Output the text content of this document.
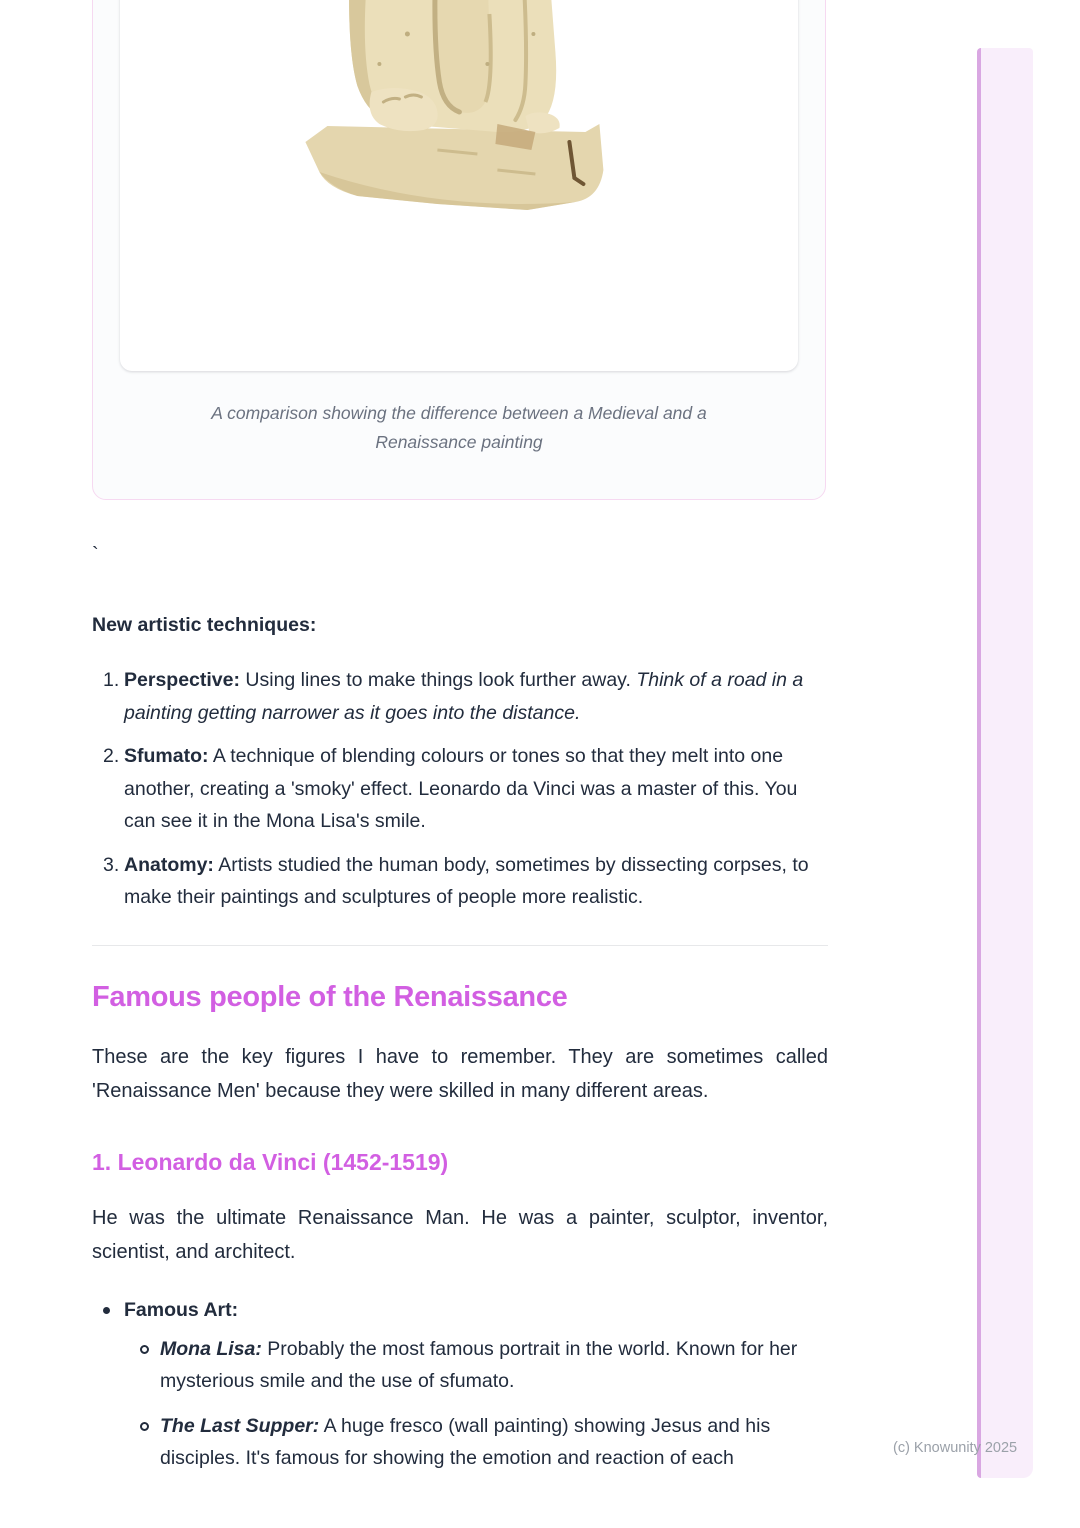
A comparison showing the difference between a Medieval and a
Renaissance painting
`
New artistic techniques:
1. Perspective: Using lines to make things look further away. Think of a road in a painting getting narrower as it goes into the distance.
2. Sfumato: A technique of blending colours or tones so that they melt into one another, creating a 'smoky' effect. Leonardo da Vinci was a master of this. You can see it in the Mona Lisa's smile.
3. Anatomy: Artists studied the human body, sometimes by dissecting corpses, to make their paintings and sculptures of people more realistic.
Famous people of the Renaissance

These are the key figures I have to remember. They are sometimes called 'Renaissance Men' because they were skilled in many different areas.

1. Leonardo da Vinci (1452-1519)

He was the ultimate Renaissance Man. He was a painter, sculptor, inventor, scientist, and architect.

Famous Art:
Mona Lisa: Probably the most famous portrait in the world. Known for her mysterious smile and the use of sfumato.
The Last Supper: A huge fresco (wall painting) showing Jesus and his disciples. It's famous for showing the emotion and reaction of each	(c) Knowunity 2025
